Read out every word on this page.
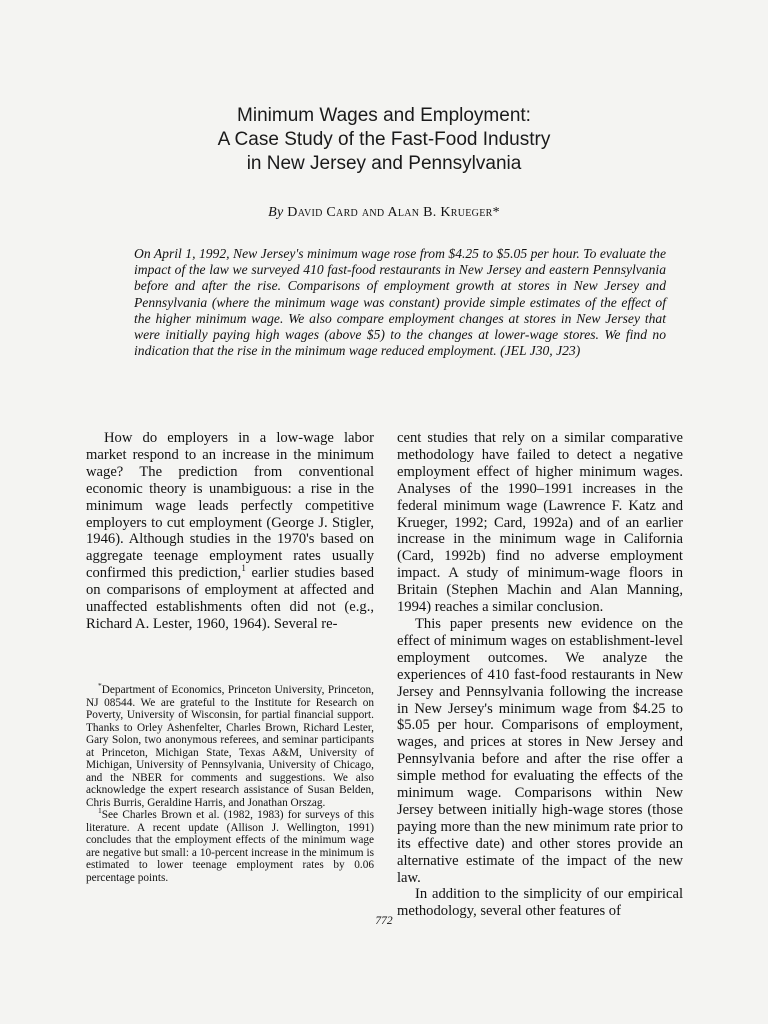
Minimum Wages and Employment:
A Case Study of the Fast-Food Industry
in New Jersey and Pennsylvania
By David Card and Alan B. Krueger*
On April 1, 1992, New Jersey's minimum wage rose from $4.25 to $5.05 per hour. To evaluate the impact of the law we surveyed 410 fast-food restaurants in New Jersey and eastern Pennsylvania before and after the rise. Comparisons of employment growth at stores in New Jersey and Pennsylvania (where the minimum wage was constant) provide simple estimates of the effect of the higher minimum wage. We also compare employment changes at stores in New Jersey that were initially paying high wages (above $5) to the changes at lower-wage stores. We find no indication that the rise in the minimum wage reduced employment. (JEL J30, J23)

How do employers in a low-wage labor market respond to an increase in the minimum wage? The prediction from conventional economic theory is unambiguous: a rise in the minimum wage leads perfectly competitive employers to cut employment (George J. Stigler, 1946). Although studies in the 1970's based on aggregate teenage employment rates usually confirmed this prediction,$^1$ earlier studies based on comparisons of employment at affected and unaffected establishments often did not (e.g., Richard A. Lester, 1960, 1964). Several re-

*Department of Economics, Princeton University, Princeton, NJ 08544. We are grateful to the Institute for Research on Poverty, University of Wisconsin, for partial financial support. Thanks to Orley Ashenfelter, Charles Brown, Richard Lester, Gary Solon, two anonymous referees, and seminar participants at Princeton, Michigan State, Texas A&M, University of Michigan, University of Pennsylvania, University of Chicago, and the NBER for comments and suggestions. We also acknowledge the expert research assistance of Susan Belden, Chris Burris, Geraldine Harris, and Jonathan Orszag.

$^1$See Charles Brown et al. (1982, 1983) for surveys of this literature. A recent update (Allison J. Wellington, 1991) concludes that the employment effects of the minimum wage are negative but small: a 10-percent increase in the minimum is estimated to lower teenage employment rates by 0.06 percentage points.

cent studies that rely on a similar comparative methodology have failed to detect a negative employment effect of higher minimum wages. Analyses of the 1990–1991 increases in the federal minimum wage (Lawrence F. Katz and Krueger, 1992; Card, 1992a) and of an earlier increase in the minimum wage in California (Card, 1992b) find no adverse employment impact. A study of minimum-wage floors in Britain (Stephen Machin and Alan Manning, 1994) reaches a similar conclusion.

This paper presents new evidence on the effect of minimum wages on establishment-level employment outcomes. We analyze the experiences of 410 fast-food restaurants in New Jersey and Pennsylvania following the increase in New Jersey's minimum wage from $4.25 to $5.05 per hour. Comparisons of employment, wages, and prices at stores in New Jersey and Pennsylvania before and after the rise offer a simple method for evaluating the effects of the minimum wage. Comparisons within New Jersey between initially high-wage stores (those paying more than the new minimum rate prior to its effective date) and other stores provide an alternative estimate of the impact of the new law.

In addition to the simplicity of our empirical methodology, several other features of

772
